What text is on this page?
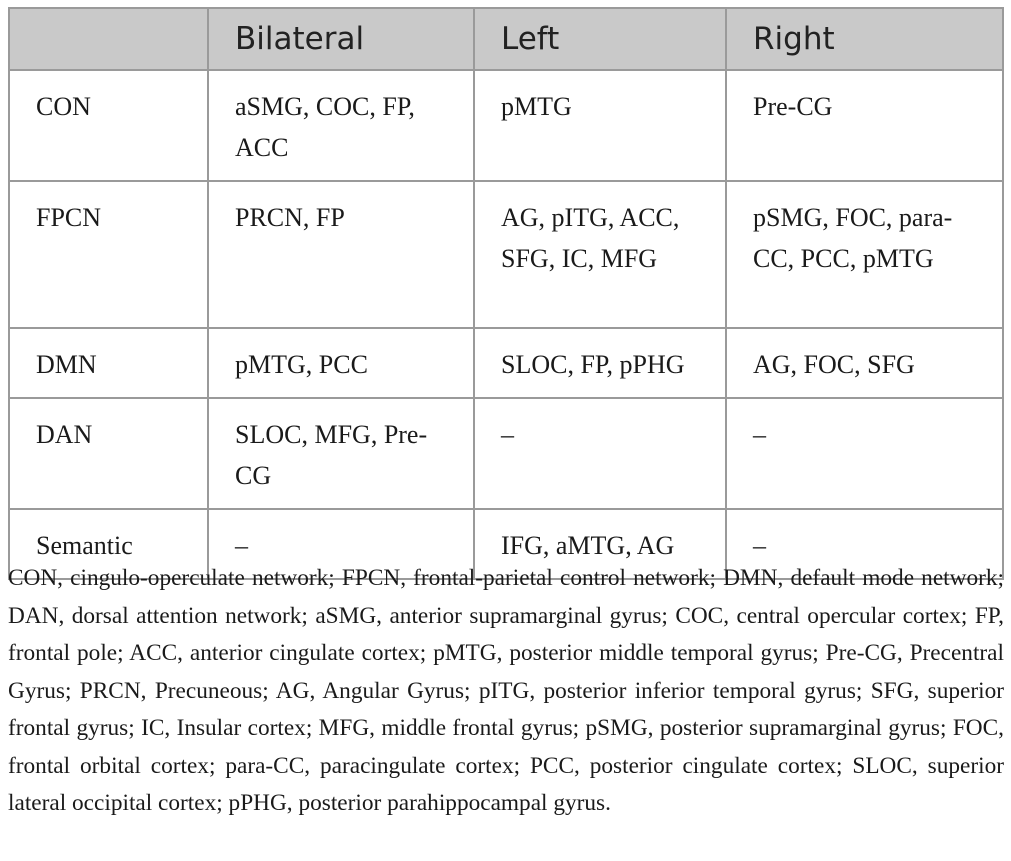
	Bilateral	Left	Right
CON	aSMG, COC, FP, ACC	pMTG	Pre-CG
FPCN	PRCN, FP	AG, pITG, ACC, SFG, IC, MFG	pSMG, FOC, para-CC, PCC, pMTG
DMN	pMTG, PCC	SLOC, FP, pPHG	AG, FOC, SFG
DAN	SLOC, MFG, Pre-CG	–	–
Semantic	–	IFG, aMTG, AG	–

CON, cingulo-operculate network; FPCN, frontal-parietal control network; DMN, default mode network; DAN, dorsal attention network; aSMG, anterior supramarginal gyrus; COC, central opercular cortex; FP, frontal pole; ACC, anterior cingulate cortex; pMTG, posterior middle temporal gyrus; Pre-CG, Precentral Gyrus; PRCN, Precuneous; AG, Angular Gyrus; pITG, posterior inferior temporal gyrus; SFG, superior frontal gyrus; IC, Insular cortex; MFG, middle frontal gyrus; pSMG, posterior supramarginal gyrus; FOC, frontal orbital cortex; para-CC, paracingulate cortex; PCC, posterior cingulate cortex; SLOC, superior lateral occipital cortex; pPHG, posterior parahippocampal gyrus.
